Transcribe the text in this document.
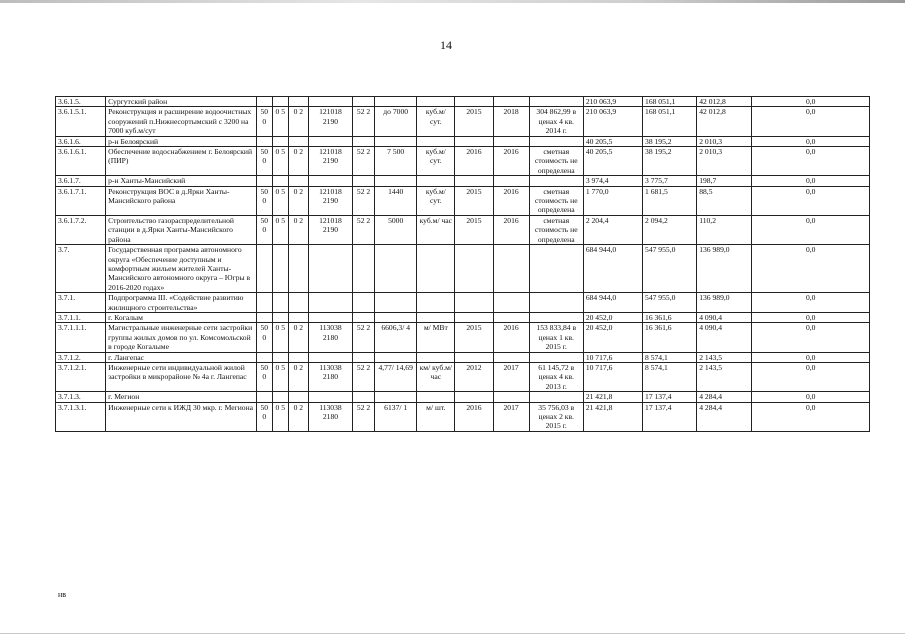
14
3.6.1.5.	Сургутский район											210 063,9	168 051,1	42 012,8	0,0
3.6.1.5.1.	Реконструкция и расширение водоочистных сооружений п.Нижнесортымский с 3200 на 7000 куб.м/сут	50 0	0 5	0 2	121018 2190	52 2	до 7000	куб.м/ сут.	2015	2018	304 862,99 в ценах 4 кв. 2014 г.	210 063,9	168 051,1	42 012,8	0,0
3.6.1.6.	р-н Белоярский											40 205,5	38 195,2	2 010,3	0,0
3.6.1.6.1.	Обеспечение водоснабжением г. Белоярский (ПИР)	50 0	0 5	0 2	121018 2190	52 2	7 500	куб.м/ сут.	2016	2016	сметная стоимость не определена	40 205,5	38 195,2	2 010,3	0,0
3.6.1.7.	р-н Ханты-Мансийский											3 974,4	3 775,7	198,7	0,0
3.6.1.7.1.	Реконструкция ВОС в д.Ярки Ханты-Мансийского района	50 0	0 5	0 2	121018 2190	52 2	1440	куб.м/ сут.	2015	2016	сметная стоимость не определена	1 770,0	1 681,5	88,5	0,0
3.6.1.7.2.	Строительство газораспределительной станции в д.Ярки Ханты-Мансийского района	50 0	0 5	0 2	121018 2190	52 2	5000	куб.м/ час	2015	2016	сметная стоимость не определена	2 204,4	2 094,2	110,2	0,0
3.7.	Государственная программа автономного округа «Обеспечение доступным и комфортным жильем жителей Ханты-Мансийского автономного округа – Югры в 2016-2020 годах»											684 944,0	547 955,0	136 989,0	0,0
3.7.1.	Подпрограмма III. «Содействие развитию жилищного строительства»											684 944,0	547 955,0	136 989,0	0,0
3.7.1.1.	г. Когалым											20 452,0	16 361,6	4 090,4	0,0
3.7.1.1.1.	Магистральные инженерные сети застройки группы жилых домов по ул. Комсомольской в городе Когалыме	50 0	0 5	0 2	113038 2180	52 2	6606,3/ 4	м/ МВт	2015	2016	153 833,84 в ценах 1 кв. 2015 г.	20 452,0	16 361,6	4 090,4	0,0
3.7.1.2.	г. Лангепас											10 717,6	8 574,1	2 143,5	0,0
3.7.1.2.1.	Инженерные сети индивидуальной жилой застройки в микрорайоне № 4а г. Лангепас	50 0	0 5	0 2	113038 2180	52 2	4,77/ 14,69	км/ куб.м/ час	2012	2017	61 145,72 в ценах 4 кв. 2013 г.	10 717,6	8 574,1	2 143,5	0,0
3.7.1.3.	г. Мегион											21 421,8	17 137,4	4 284,4	0,0
3.7.1.3.1.	Инженерные сети к ИЖД 30 мкр. г. Мегиона	50 0	0 5	0 2	113038 2180	52 2	6137/ 1	м/ шт.	2016	2017	35 756,03 в ценах 2 кв. 2015 г.	21 421,8	17 137,4	4 284,4	0,0
нв
